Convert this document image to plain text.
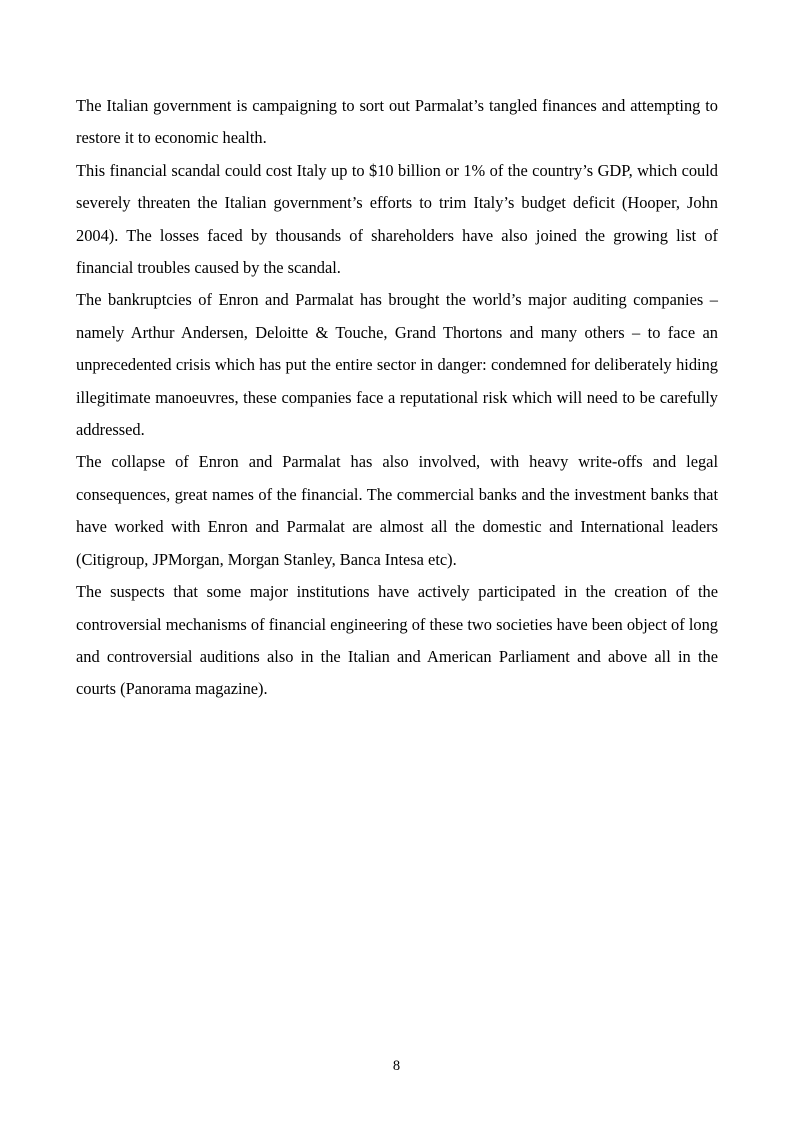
The Italian government is campaigning to sort out Parmalat’s tangled finances and attempting to restore it to economic health.

This financial scandal could cost Italy up to $10 billion or 1% of the country’s GDP, which could severely threaten the Italian government’s efforts to trim Italy’s budget deficit (Hooper, John 2004). The losses faced by thousands of shareholders have also joined the growing list of financial troubles caused by the scandal.

The bankruptcies of Enron and Parmalat has brought the world’s major auditing companies –namely Arthur Andersen, Deloitte & Touche, Grand Thortons and many others – to face an unprecedented crisis which has put the entire sector in danger: condemned for deliberately hiding illegitimate manoeuvres, these companies face a reputational risk which will need to be carefully addressed.

The collapse of Enron and Parmalat has also involved, with heavy write-offs and legal consequences, great names of the financial. The commercial banks and the investment banks that have worked with Enron and Parmalat are almost all the domestic and International leaders (Citigroup, JPMorgan, Morgan Stanley, Banca Intesa etc).

The suspects that some major institutions have actively participated in the creation of the controversial mechanisms of financial engineering of these two societies have been object of long and controversial auditions also in the Italian and American Parliament and above all in the courts (Panorama magazine).

8
